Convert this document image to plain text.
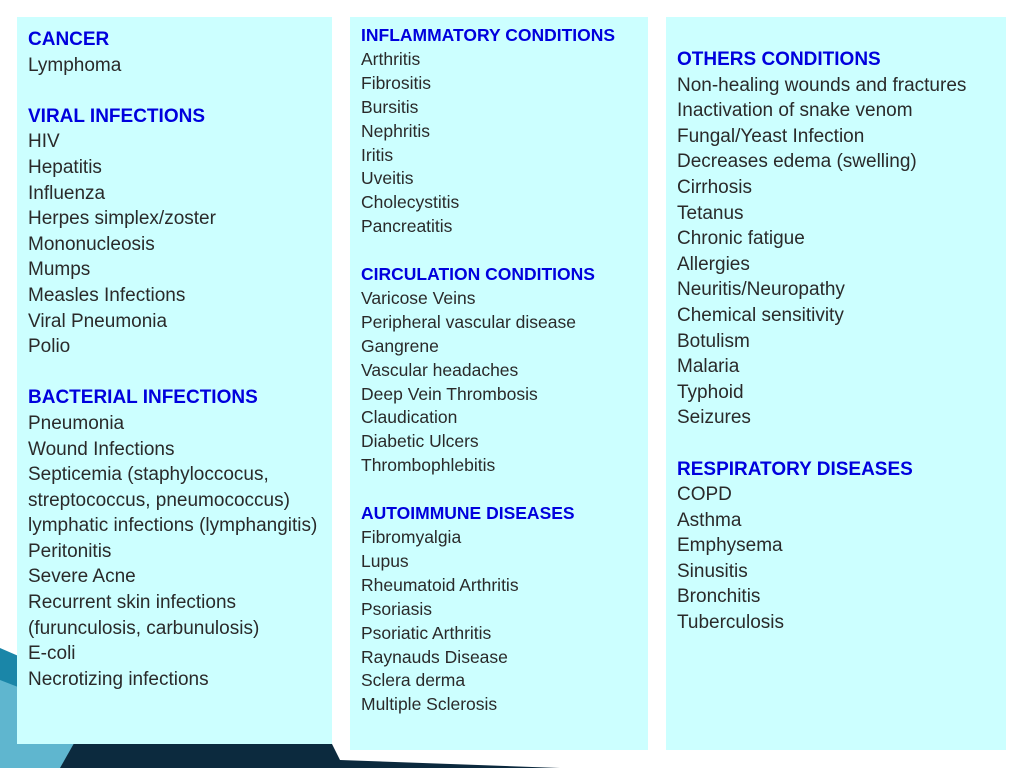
CANCER
Lymphoma
VIRAL INFECTIONS
HIV
Hepatitis
Influenza
Herpes simplex/zoster
Mononucleosis
Mumps
Measles Infections
Viral Pneumonia
Polio
BACTERIAL INFECTIONS
Pneumonia
Wound Infections
Septicemia (staphyloccocus, streptococcus, pneumococcus)
lymphatic infections (lymphangitis)
Peritonitis
Severe Acne
Recurrent skin infections (furunculosis, carbunulosis)
E-coli
Necrotizing infections
INFLAMMATORY CONDITIONS
Arthritis
Fibrositis
Bursitis
Nephritis
Iritis
Uveitis
Cholecystitis
Pancreatitis
CIRCULATION CONDITIONS
Varicose Veins
Peripheral vascular disease
Gangrene
Vascular headaches
Deep Vein Thrombosis
Claudication
Diabetic Ulcers
Thrombophlebitis
AUTOIMMUNE DISEASES
Fibromyalgia
Lupus
Rheumatoid Arthritis
Psoriasis
Psoriatic Arthritis
Raynauds Disease
Sclera derma
Multiple Sclerosis
OTHERS CONDITIONS
Non-healing wounds and fractures
Inactivation of snake venom
Fungal/Yeast Infection
Decreases edema (swelling)
Cirrhosis
Tetanus
Chronic fatigue
Allergies
Neuritis/Neuropathy
Chemical sensitivity
Botulism
Malaria
Typhoid
Seizures
RESPIRATORY DISEASES
COPD
Asthma
Emphysema
Sinusitis
Bronchitis
Tuberculosis
